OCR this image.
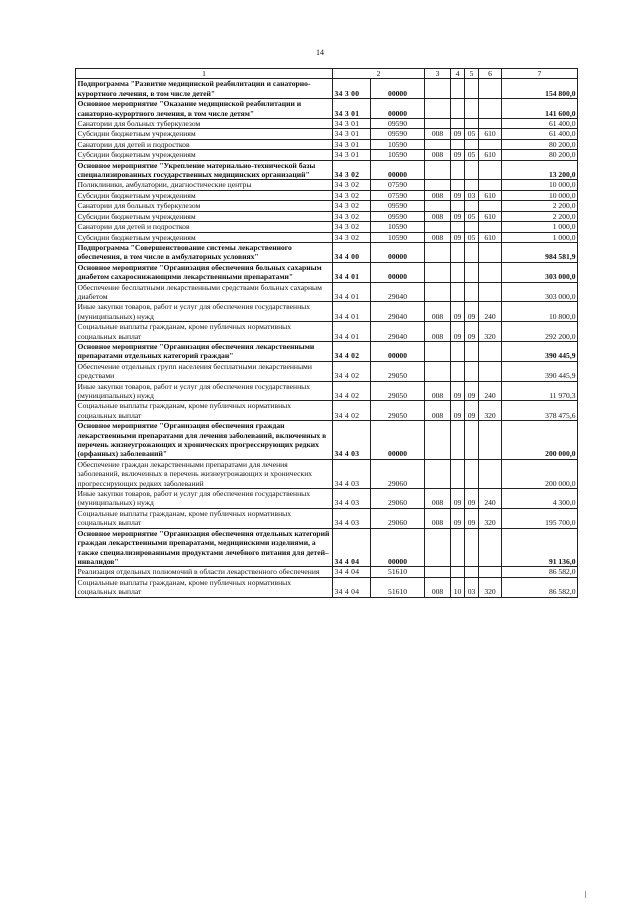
14
1	2		3	4	5	6	7
Подпрограмма "Развитие медицинской реабилитации и санаторно-курортного лечения, в том числе детей"	34 3 00	00000					154 800,0
Основное мероприятие "Оказание медицинской реабилитации и санаторно-курортного лечения, в том числе детям"	34 3 01	00000					141 600,0
Санатории для больных туберкулезом	34 3 01	09590					61 400,0
Субсидии бюджетным учреждениям	34 3 01	09590	008	09	05	610	61 400,0
Санатории для детей и подростков	34 3 01	10590					80 200,0
Субсидии бюджетным учреждениям	34 3 01	10590	008	09	05	610	80 200,0
Основное мероприятие "Укрепление материально-технической базы специализированных государственных медицинских организаций"	34 3 02	00000					13 200,0
Поликлиники, амбулатории, диагностические центры	34 3 02	07590					10 000,0
Субсидии бюджетным учреждениям	34 3 02	07590	008	09	03	610	10 000,0
Санатории для больных туберкулезом	34 3 02	09590					2 200,0
Субсидии бюджетным учреждениям	34 3 02	09590	008	09	05	610	2 200,0
Санатории для детей и подростков	34 3 02	10590					1 000,0
Субсидии бюджетным учреждениям	34 3 02	10590	008	09	05	610	1 000,0
Подпрограмма "Совершенствование системы лекарственного обеспечения, в том числе в амбулаторных условиях"	34 4 00	00000					984 581,9
Основное мероприятие "Организация обеспечения больных сахарным диабетом сахароснижающими лекарственными препаратами"	34 4 01	00000					303 000,0
Обеспечение бесплатными лекарственными средствами больных сахарным диабетом	34 4 01	29040					303 000,0
Иные закупки товаров, работ и услуг для обеспечения государственных (муниципальных) нужд	34 4 01	29040	008	09	09	240	10 800,0
Социальные выплаты гражданам, кроме публичных нормативных социальных выплат	34 4 01	29040	008	09	09	320	292 200,0
Основное мероприятие "Организация обеспечения лекарственными препаратами отдельных категорий граждан"	34 4 02	00000					390 445,9
Обеспечение отдельных групп населения бесплатными лекарственными средствами	34 4 02	29050					390 445,9
Иные закупки товаров, работ и услуг для обеспечения государственных (муниципальных) нужд	34 4 02	29050	008	09	09	240	11 970,3
Социальные выплаты гражданам, кроме публичных нормативных социальных выплат	34 4 02	29050	008	09	09	320	378 475,6
Основное мероприятие "Организация обеспечения граждан лекарственными препаратами для лечения заболеваний, включенных в перечень жизнеугрожающих и хронических прогрессирующих редких (орфанных) заболеваний"	34 4 03	00000					200 000,0
Обеспечение граждан лекарственными препаратами для лечения заболеваний, включенных в перечень жизнеугрожающих и хронических прогрессирующих редких заболеваний	34 4 03	29060					200 000,0
Иные закупки товаров, работ и услуг для обеспечения государственных (муниципальных) нужд	34 4 03	29060	008	09	09	240	4 300,0
Социальные выплаты гражданам, кроме публичных нормативных социальных выплат	34 4 03	29060	008	09	09	320	195 700,0
Основное мероприятие "Организация обеспечения отдельных категорий граждан лекарственными препаратами, медицинскими изделиями, а также специализированными продуктами лечебного питания для детей–инвалидов"	34 4 04	00000					91 136,0
Реализация отдельных полномочий в области лекарственного обеспечения	34 4 04	51610					86 582,0
Социальные выплаты гражданам, кроме публичных нормативных социальных выплат	34 4 04	51610	008	10	03	320	86 582,0
